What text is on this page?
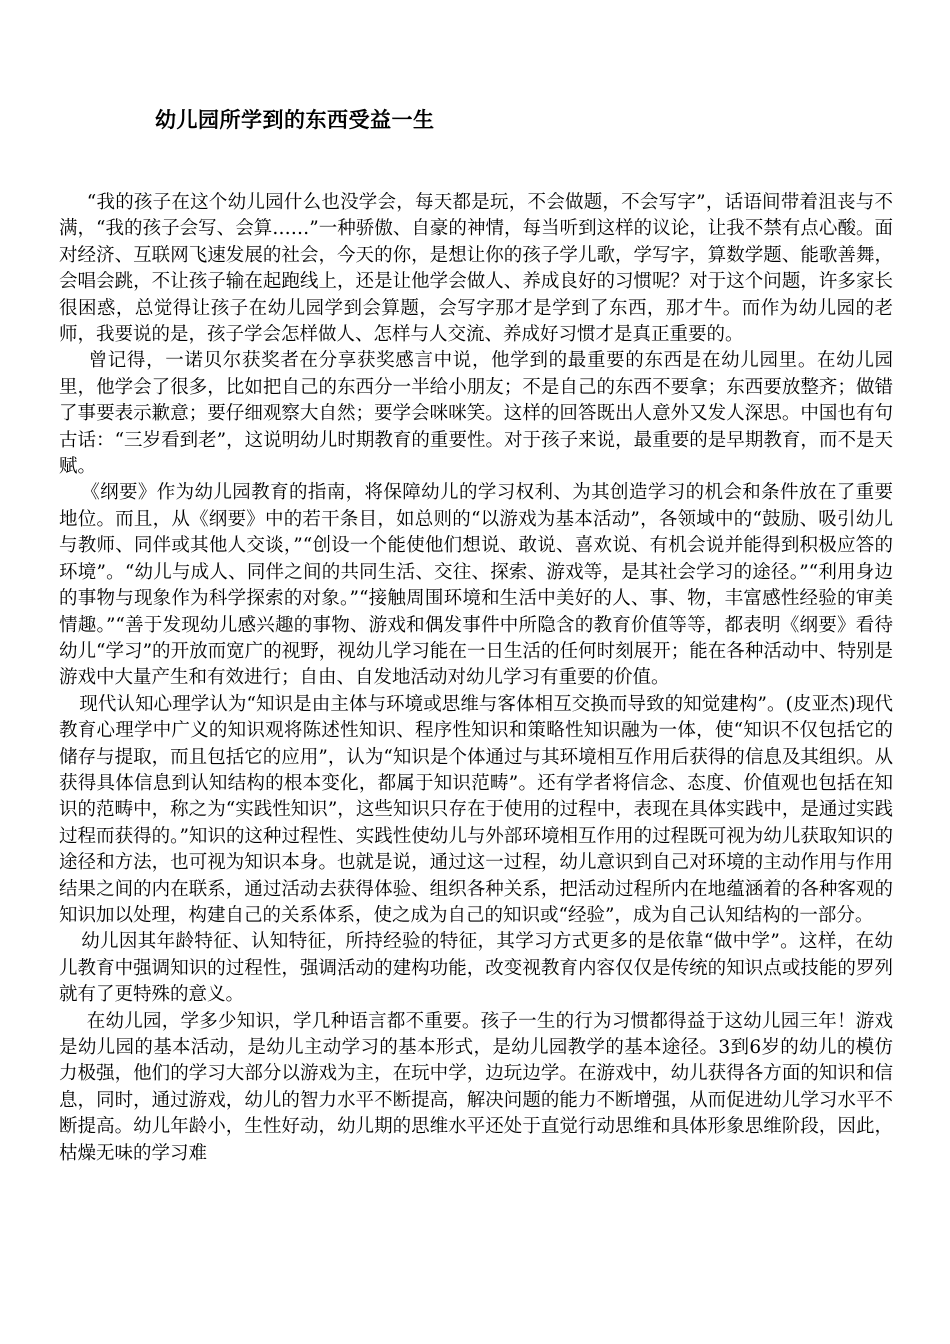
幼儿园所学到的东西受益一生

“我的孩子在这个幼儿园什么也没学会，每天都是玩，不会做题，不会写字”，话语间带着沮丧与不满，“我的孩子会写、会算……”一种骄傲、自豪的神情，每当听到这样的议论，让我不禁有点心酸。面对经济、互联网飞速发展的社会，今天的你，是想让你的孩子学儿歌，学写字，算数学题、能歌善舞，会唱会跳，不让孩子输在起跑线上，还是让他学会做人、养成良好的习惯呢？对于这个问题，许多家长很困惑，总觉得让孩子在幼儿园学到会算题，会写字那才是学到了东西，那才牛。而作为幼儿园的老师，我要说的是，孩子学会怎样做人、怎样与人交流、养成好习惯才是真正重要的。

曾记得，一诺贝尔获奖者在分享获奖感言中说，他学到的最重要的东西是在幼儿园里。在幼儿园里，他学会了很多，比如把自己的东西分一半给小朋友；不是自己的东西不要拿；东西要放整齐；做错了事要表示歉意；要仔细观察大自然；要学会咪咪笑。这样的回答既出人意外又发人深思。中国也有句古话：“三岁看到老”，这说明幼儿时期教育的重要性。对于孩子来说，最重要的是早期教育，而不是天赋。

《纲要》作为幼儿园教育的指南，将保障幼儿的学习权利、为其创造学习的机会和条件放在了重要地位。而且，从《纲要》中的若干条目，如总则的“以游戏为基本活动”，各领域中的“鼓励、吸引幼儿与教师、同伴或其他人交谈，”“创设一个能使他们想说、敢说、喜欢说、有机会说并能得到积极应答的环境”。“幼儿与成人、同伴之间的共同生活、交往、探索、游戏等，是其社会学习的途径。”“利用身边的事物与现象作为科学探索的对象。”“接触周围环境和生活中美好的人、事、物，丰富感性经验的审美情趣。”“善于发现幼儿感兴趣的事物、游戏和偶发事件中所隐含的教育价值等等，都表明《纲要》看待幼儿“学习”的开放而宽广的视野，视幼儿学习能在一日生活的任何时刻展开；能在各种活动中、特别是游戏中大量产生和有效进行；自由、自发地活动对幼儿学习有重要的价值。

现代认知心理学认为“知识是由主体与环境或思维与客体相互交换而导致的知觉建构”。(皮亚杰)现代教育心理学中广义的知识观将陈述性知识、程序性知识和策略性知识融为一体，使“知识不仅包括它的储存与提取，而且包括它的应用”，认为“知识是个体通过与其环境相互作用后获得的信息及其组织。从获得具体信息到认知结构的根本变化，都属于知识范畴”。还有学者将信念、态度、价值观也包括在知识的范畴中，称之为“实践性知识”，这些知识只存在于使用的过程中，表现在具体实践中，是通过实践过程而获得的。”知识的这种过程性、实践性使幼儿与外部环境相互作用的过程既可视为幼儿获取知识的途径和方法，也可视为知识本身。也就是说，通过这一过程，幼儿意识到自己对环境的主动作用与作用结果之间的内在联系，通过活动去获得体验、组织各种关系，把活动过程所内在地蕴涵着的各种客观的知识加以处理，构建自己的关系体系，使之成为自己的知识或“经验”，成为自己认知结构的一部分。

幼儿因其年龄特征、认知特征，所持经验的特征，其学习方式更多的是依靠“做中学”。这样，在幼儿教育中强调知识的过程性，强调活动的建构功能，改变视教育内容仅仅是传统的知识点或技能的罗列就有了更特殊的意义。

在幼儿园，学多少知识，学几种语言都不重要。孩子一生的行为习惯都得益于这幼儿园三年！游戏是幼儿园的基本活动，是幼儿主动学习的基本形式，是幼儿园教学的基本途径。3到6岁的幼儿的模仿力极强，他们的学习大部分以游戏为主，在玩中学，边玩边学。在游戏中，幼儿获得各方面的知识和信息，同时，通过游戏，幼儿的智力水平不断提高，解决问题的能力不断增强，从而促进幼儿学习水平不断提高。幼儿年龄小，生性好动，幼儿期的思维水平还处于直觉行动思维和具体形象思维阶段，因此，枯燥无味的学习难
